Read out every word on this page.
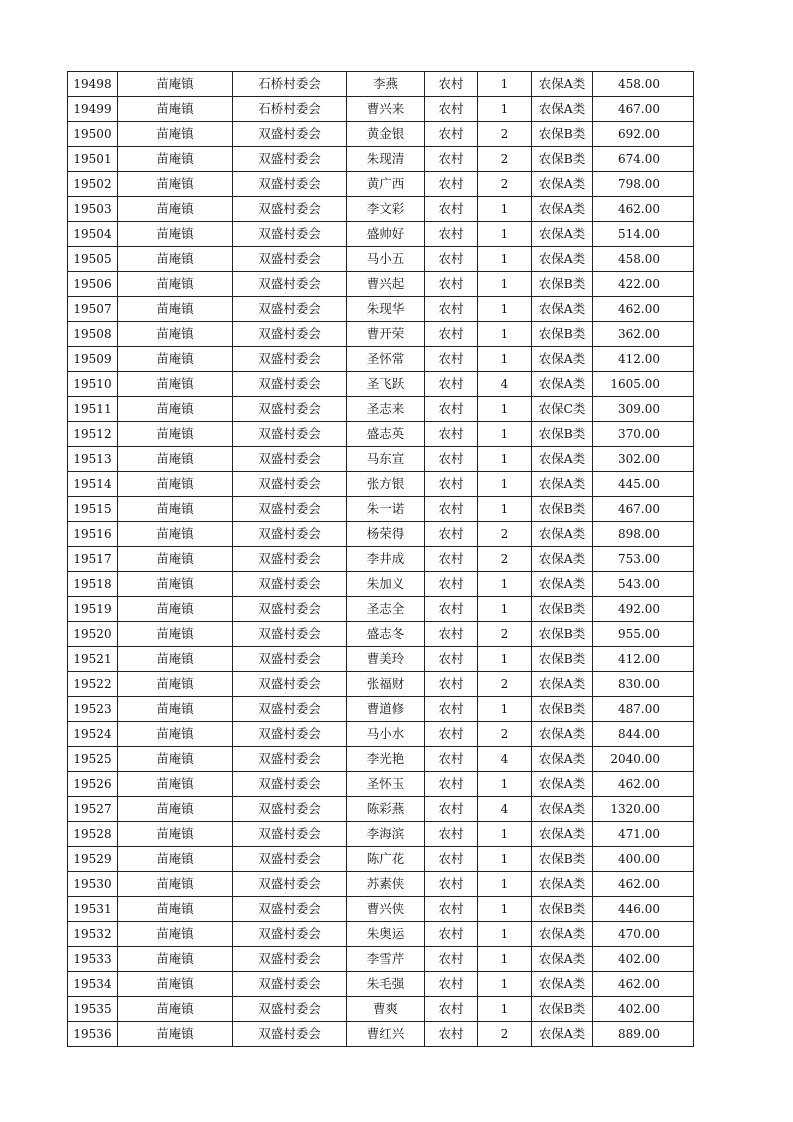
19498	苗庵镇	石桥村委会	李燕	农村	1	农保A类	458.00
19499	苗庵镇	石桥村委会	曹兴来	农村	1	农保A类	467.00
19500	苗庵镇	双盛村委会	黄金银	农村	2	农保B类	692.00
19501	苗庵镇	双盛村委会	朱现清	农村	2	农保B类	674.00
19502	苗庵镇	双盛村委会	黄广西	农村	2	农保A类	798.00
19503	苗庵镇	双盛村委会	李文彩	农村	1	农保A类	462.00
19504	苗庵镇	双盛村委会	盛帅好	农村	1	农保A类	514.00
19505	苗庵镇	双盛村委会	马小五	农村	1	农保A类	458.00
19506	苗庵镇	双盛村委会	曹兴起	农村	1	农保B类	422.00
19507	苗庵镇	双盛村委会	朱现华	农村	1	农保A类	462.00
19508	苗庵镇	双盛村委会	曹开荣	农村	1	农保B类	362.00
19509	苗庵镇	双盛村委会	圣怀常	农村	1	农保A类	412.00
19510	苗庵镇	双盛村委会	圣飞跃	农村	4	农保A类	1605.00
19511	苗庵镇	双盛村委会	圣志来	农村	1	农保C类	309.00
19512	苗庵镇	双盛村委会	盛志英	农村	1	农保B类	370.00
19513	苗庵镇	双盛村委会	马东宣	农村	1	农保A类	302.00
19514	苗庵镇	双盛村委会	张方银	农村	1	农保A类	445.00
19515	苗庵镇	双盛村委会	朱一诺	农村	1	农保B类	467.00
19516	苗庵镇	双盛村委会	杨荣得	农村	2	农保A类	898.00
19517	苗庵镇	双盛村委会	李井成	农村	2	农保A类	753.00
19518	苗庵镇	双盛村委会	朱加义	农村	1	农保A类	543.00
19519	苗庵镇	双盛村委会	圣志全	农村	1	农保B类	492.00
19520	苗庵镇	双盛村委会	盛志冬	农村	2	农保B类	955.00
19521	苗庵镇	双盛村委会	曹美玲	农村	1	农保B类	412.00
19522	苗庵镇	双盛村委会	张福财	农村	2	农保A类	830.00
19523	苗庵镇	双盛村委会	曹道修	农村	1	农保B类	487.00
19524	苗庵镇	双盛村委会	马小水	农村	2	农保A类	844.00
19525	苗庵镇	双盛村委会	李光艳	农村	4	农保A类	2040.00
19526	苗庵镇	双盛村委会	圣怀玉	农村	1	农保A类	462.00
19527	苗庵镇	双盛村委会	陈彩燕	农村	4	农保A类	1320.00
19528	苗庵镇	双盛村委会	李海滨	农村	1	农保A类	471.00
19529	苗庵镇	双盛村委会	陈广花	农村	1	农保B类	400.00
19530	苗庵镇	双盛村委会	苏素侠	农村	1	农保A类	462.00
19531	苗庵镇	双盛村委会	曹兴侠	农村	1	农保B类	446.00
19532	苗庵镇	双盛村委会	朱奥运	农村	1	农保A类	470.00
19533	苗庵镇	双盛村委会	李雪芹	农村	1	农保A类	402.00
19534	苗庵镇	双盛村委会	朱毛强	农村	1	农保A类	462.00
19535	苗庵镇	双盛村委会	曹爽	农村	1	农保B类	402.00
19536	苗庵镇	双盛村委会	曹红兴	农村	2	农保A类	889.00
